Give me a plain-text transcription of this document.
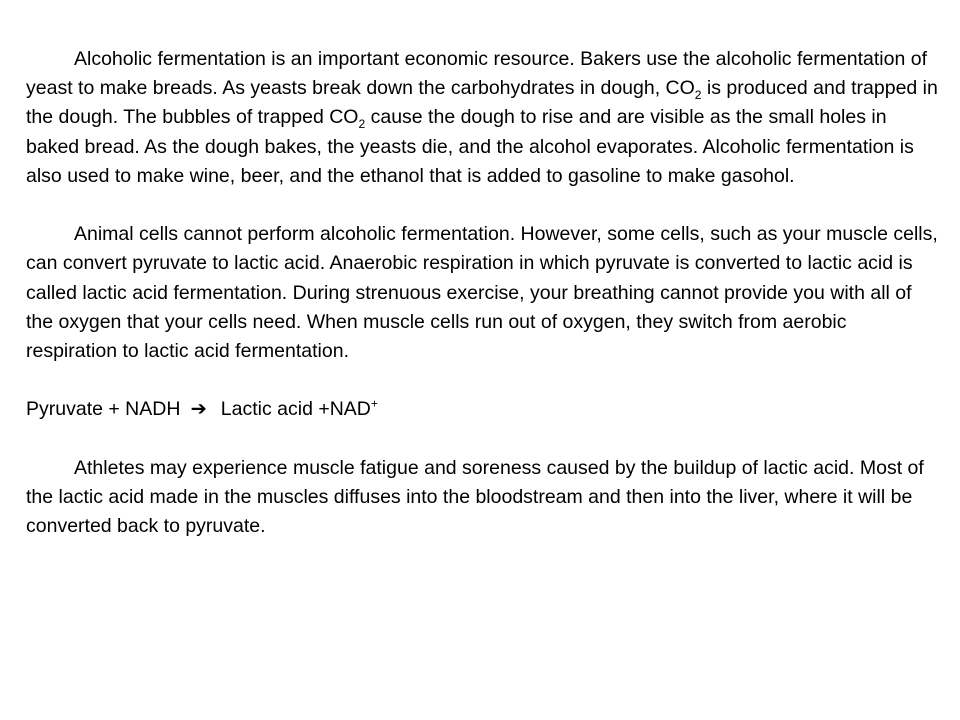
Alcoholic fermentation is an important economic resource. Bakers use the alcoholic fermentation of yeast to make breads. As yeasts break down the carbohydrates in dough, $CO_2$ is produced and trapped in the dough. The bubbles of trapped $CO_2$ cause the dough to rise and are visible as the small holes in baked bread. As the dough bakes, the yeasts die, and the alcohol evaporates. Alcoholic fermentation is also used to make wine, beer, and the ethanol that is added to gasoline to make gasohol.

Animal cells cannot perform alcoholic fermentation. However, some cells, such as your muscle cells, can convert pyruvate to lactic acid. Anaerobic respiration in which pyruvate is converted to lactic acid is called lactic acid fermentation. During strenuous exercise, your breathing cannot provide you with all of the oxygen that your cells need. When muscle cells run out of oxygen, they switch from aerobic respiration to lactic acid fermentation.

Pyruvate + NADH ➔ Lactic acid +NAD+

Athletes may experience muscle fatigue and soreness caused by the buildup of lactic acid. Most of the lactic acid made in the muscles diffuses into the bloodstream and then into the liver, where it will be converted back to pyruvate.
